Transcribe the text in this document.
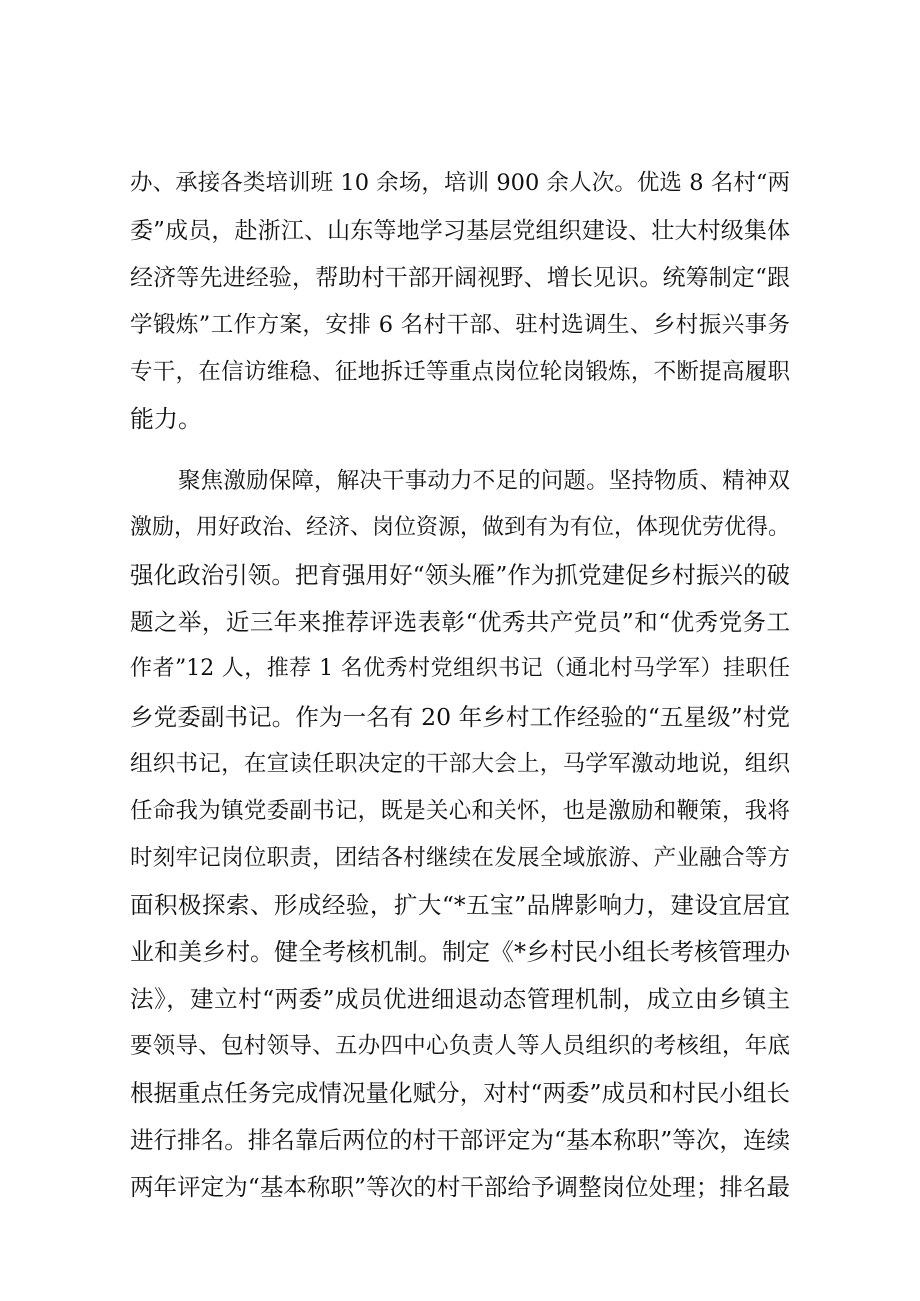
办、承接各类培训班 10 余场，培训 900 余人次。优选 8 名村“两
委”成员，赴浙江、山东等地学习基层党组织建设、壮大村级集体
经济等先进经验，帮助村干部开阔视野、增长见识。统筹制定“跟
学锻炼”工作方案，安排 6 名村干部、驻村选调生、乡村振兴事务
专干，在信访维稳、征地拆迁等重点岗位轮岗锻炼，不断提高履职
能力。
聚焦激励保障，解决干事动力不足的问题。坚持物质、精神双
激励，用好政治、经济、岗位资源，做到有为有位，体现优劳优得。
强化政治引领。把育强用好“领头雁”作为抓党建促乡村振兴的破
题之举，近三年来推荐评选表彰“优秀共产党员”和“优秀党务工
作者”12 人，推荐 1 名优秀村党组织书记（通北村马学军）挂职任
乡党委副书记。作为一名有 20 年乡村工作经验的“五星级”村党
组织书记，在宣读任职决定的干部大会上，马学军激动地说，组织
任命我为镇党委副书记，既是关心和关怀，也是激励和鞭策，我将
时刻牢记岗位职责，团结各村继续在发展全域旅游、产业融合等方
面积极探索、形成经验，扩大“*五宝”品牌影响力，建设宜居宜
业和美乡村。健全考核机制。制定《*乡村民小组长考核管理办
法》，建立村“两委”成员优进细退动态管理机制，成立由乡镇主
要领导、包村领导、五办四中心负责人等人员组织的考核组，年底
根据重点任务完成情况量化赋分，对村“两委”成员和村民小组长
进行排名。排名靠后两位的村干部评定为“基本称职”等次，连续
两年评定为“基本称职”等次的村干部给予调整岗位处理；排名最
